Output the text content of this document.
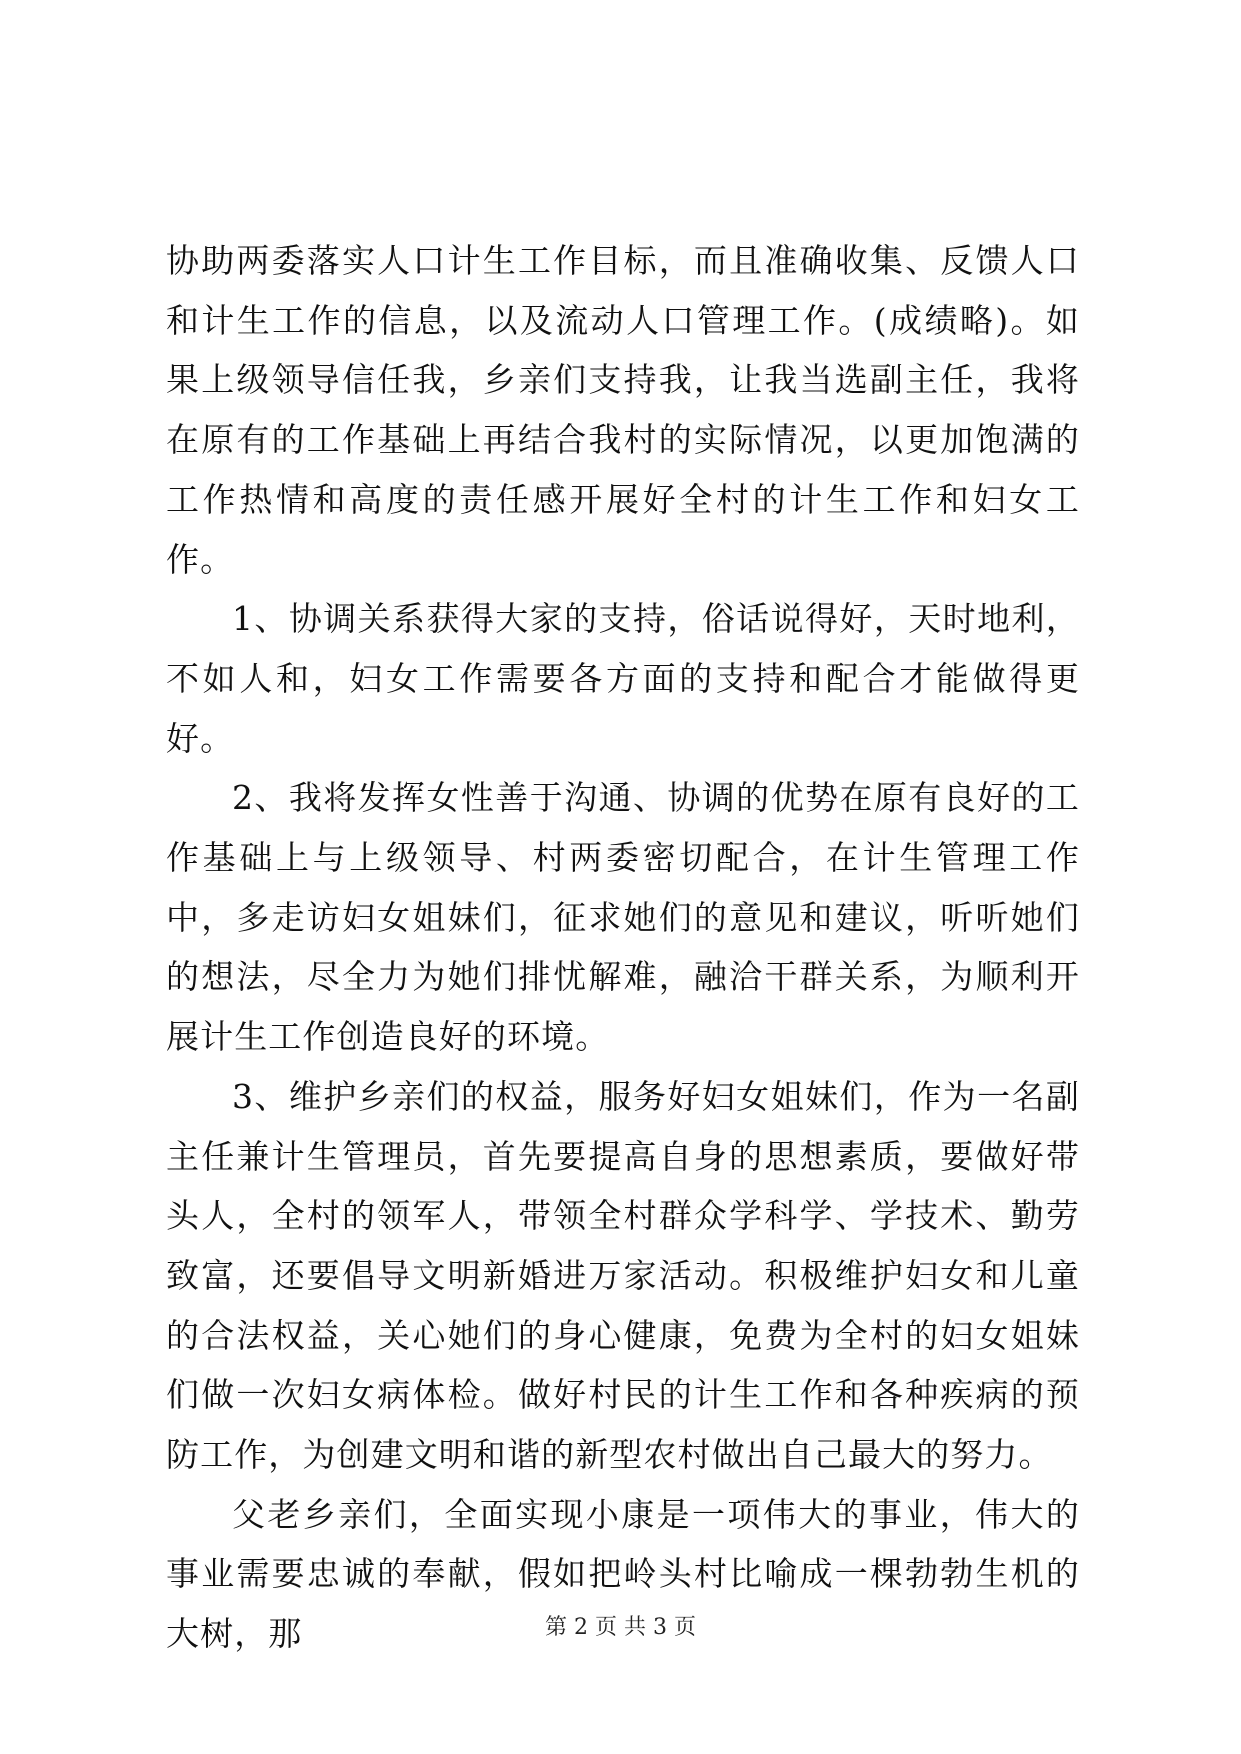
协助两委落实人口计生工作目标，而且准确收集、反馈人口和计生工作的信息，以及流动人口管理工作。(成绩略)。如果上级领导信任我，乡亲们支持我，让我当选副主任，我将在原有的工作基础上再结合我村的实际情况，以更加饱满的工作热情和高度的责任感开展好全村的计生工作和妇女工作。

1、协调关系获得大家的支持，俗话说得好，天时地利，不如人和，妇女工作需要各方面的支持和配合才能做得更好。

2、我将发挥女性善于沟通、协调的优势在原有良好的工作基础上与上级领导、村两委密切配合，在计生管理工作中，多走访妇女姐妹们，征求她们的意见和建议，听听她们的想法，尽全力为她们排忧解难，融洽干群关系，为顺利开展计生工作创造良好的环境。

3、维护乡亲们的权益，服务好妇女姐妹们，作为一名副主任兼计生管理员，首先要提高自身的思想素质，要做好带头人，全村的领军人，带领全村群众学科学、学技术、勤劳致富，还要倡导文明新婚进万家活动。积极维护妇女和儿童的合法权益，关心她们的身心健康，免费为全村的妇女姐妹们做一次妇女病体检。做好村民的计生工作和各种疾病的预防工作，为创建文明和谐的新型农村做出自己最大的努力。

父老乡亲们，全面实现小康是一项伟大的事业，伟大的事业需要忠诚的奉献，假如把岭头村比喻成一棵勃勃生机的大树，那	第 2 页 共 3 页
